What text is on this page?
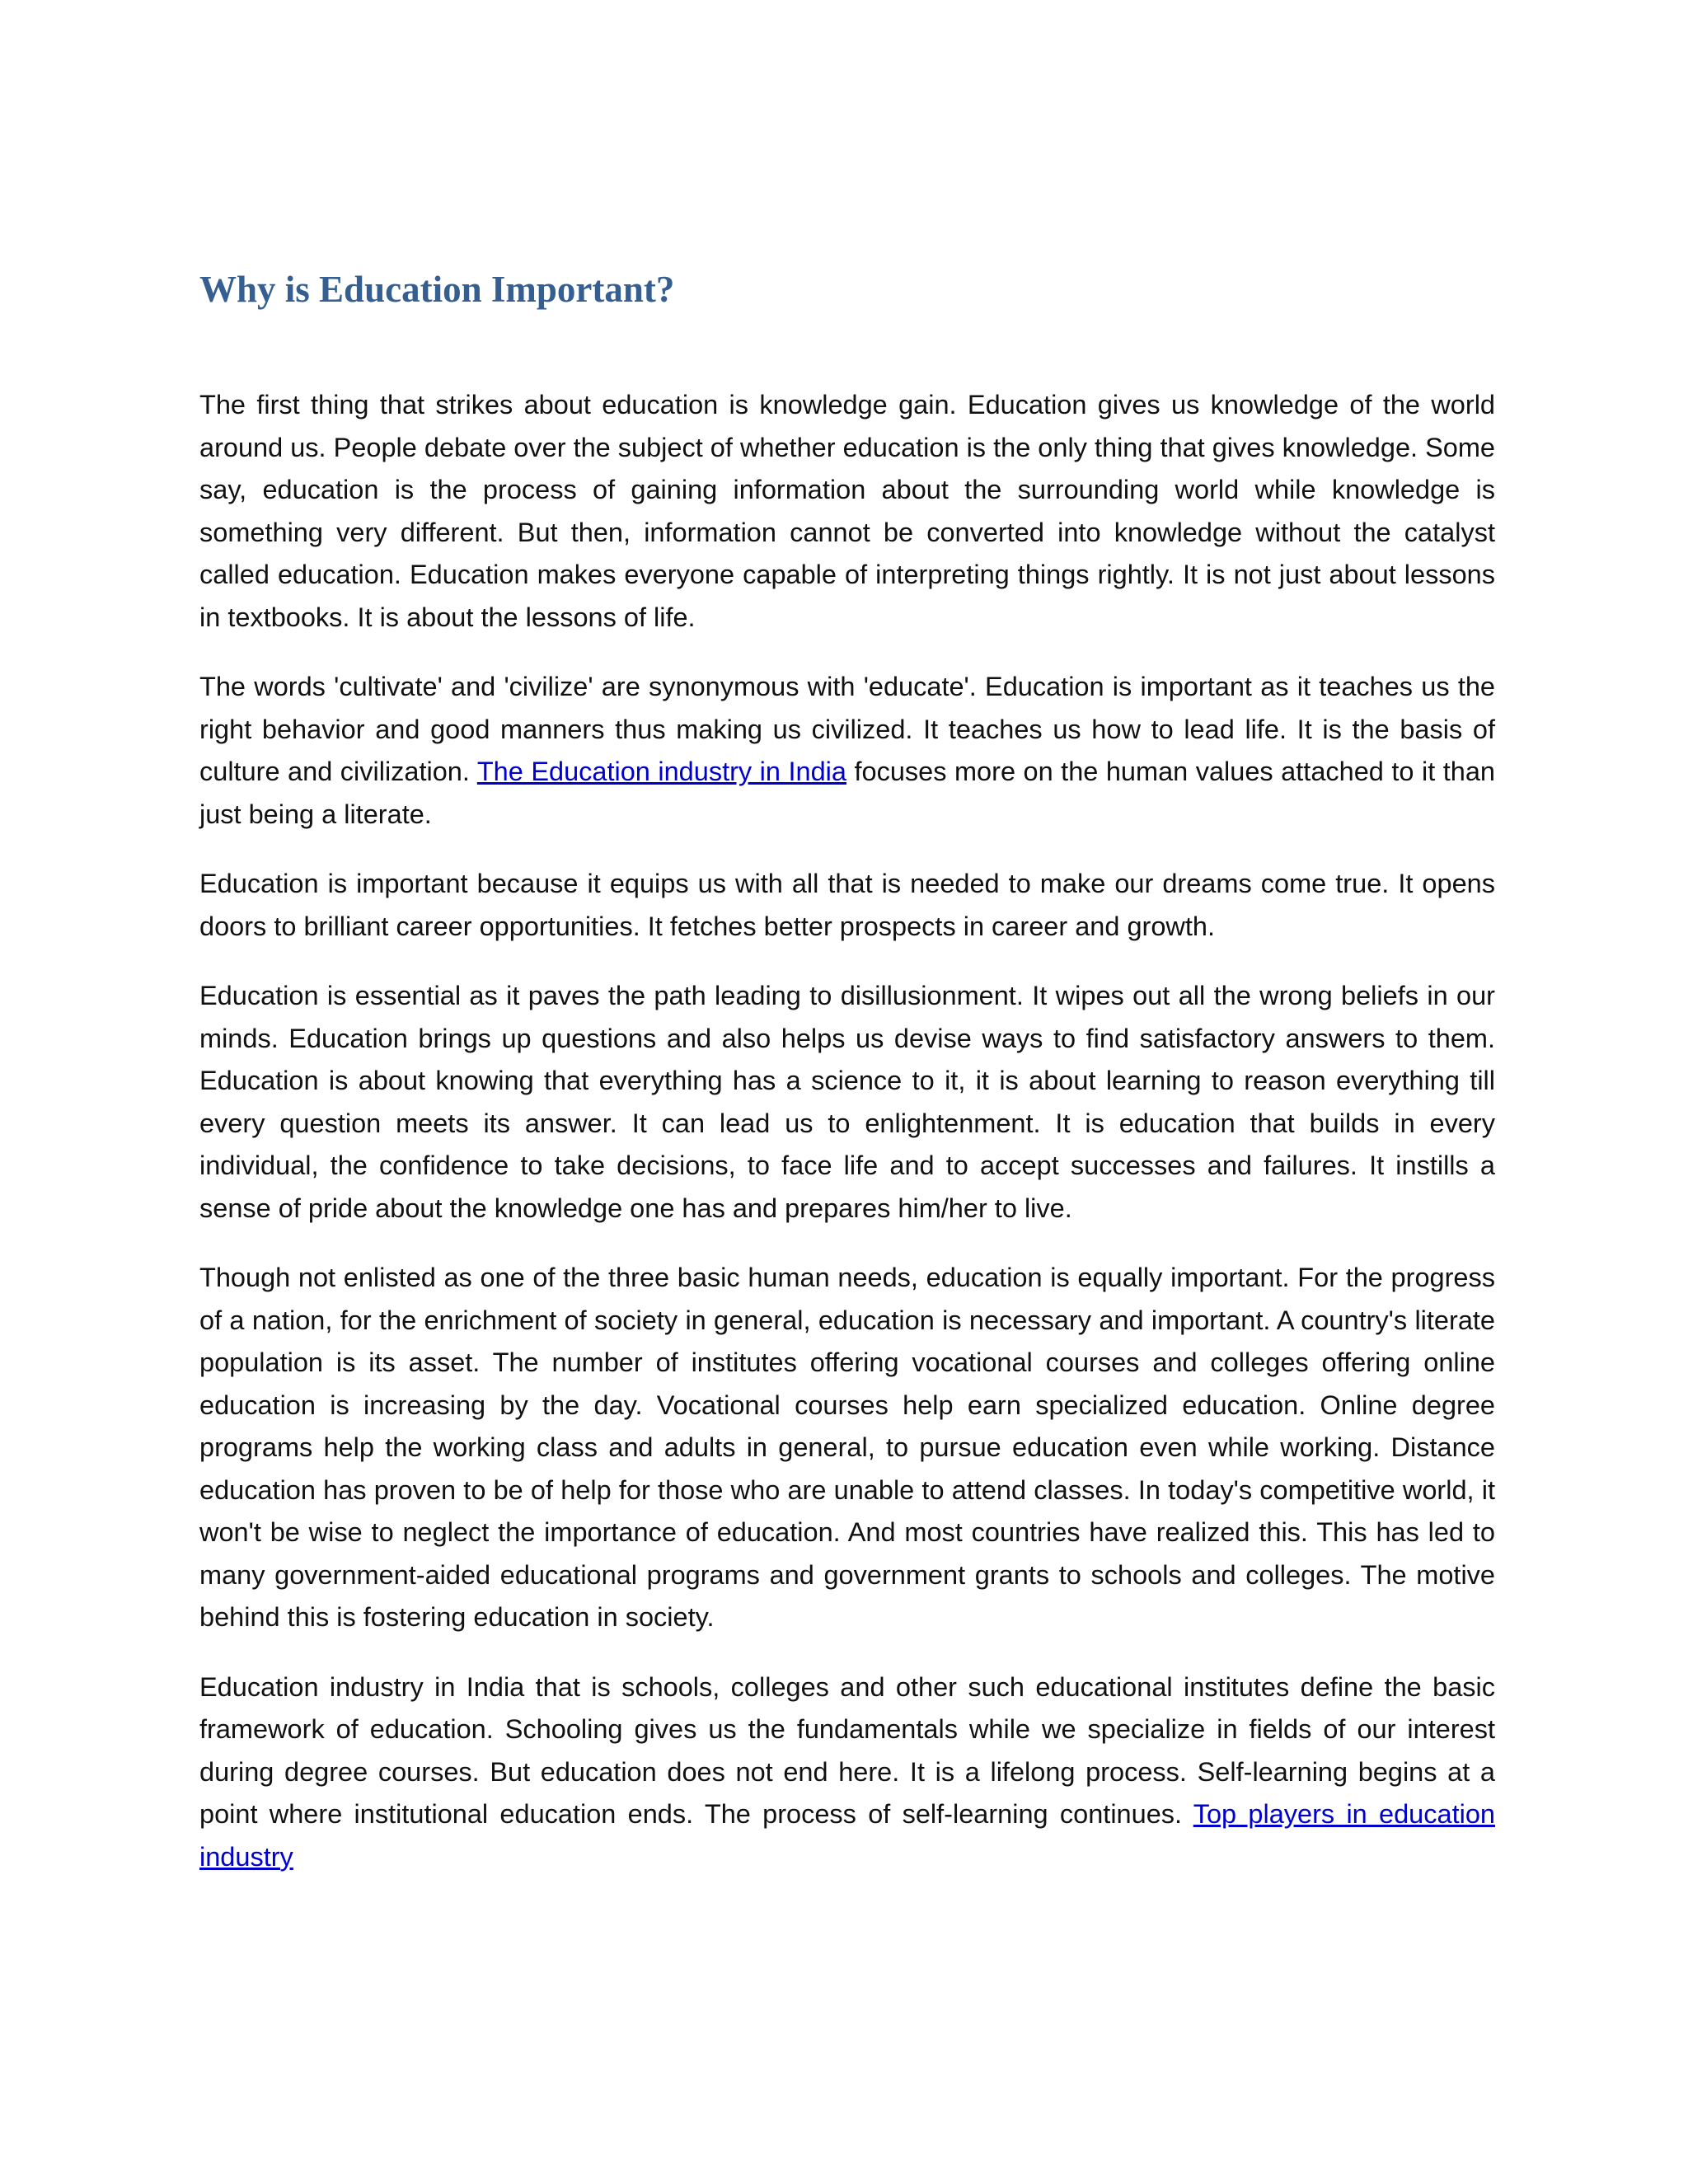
Why is Education Important?

The first thing that strikes about education is knowledge gain. Education gives us knowledge of the world around us. People debate over the subject of whether education is the only thing that gives knowledge. Some say, education is the process of gaining information about the surrounding world while knowledge is something very different. But then, information cannot be converted into knowledge without the catalyst called education. Education makes everyone capable of interpreting things rightly. It is not just about lessons in textbooks. It is about the lessons of life.

The words 'cultivate' and 'civilize' are synonymous with 'educate'. Education is important as it teaches us the right behavior and good manners thus making us civilized. It teaches us how to lead life. It is the basis of culture and civilization. The Education industry in India focuses more on the human values attached to it than just being a literate.

Education is important because it equips us with all that is needed to make our dreams come true. It opens doors to brilliant career opportunities. It fetches better prospects in career and growth.

Education is essential as it paves the path leading to disillusionment. It wipes out all the wrong beliefs in our minds. Education brings up questions and also helps us devise ways to find satisfactory answers to them. Education is about knowing that everything has a science to it, it is about learning to reason everything till every question meets its answer. It can lead us to enlightenment. It is education that builds in every individual, the confidence to take decisions, to face life and to accept successes and failures. It instills a sense of pride about the knowledge one has and prepares him/her to live.

Though not enlisted as one of the three basic human needs, education is equally important. For the progress of a nation, for the enrichment of society in general, education is necessary and important. A country's literate population is its asset. The number of institutes offering vocational courses and colleges offering online education is increasing by the day. Vocational courses help earn specialized education. Online degree programs help the working class and adults in general, to pursue education even while working. Distance education has proven to be of help for those who are unable to attend classes. In today's competitive world, it won't be wise to neglect the importance of education. And most countries have realized this. This has led to many government-aided educational programs and government grants to schools and colleges. The motive behind this is fostering education in society.

Education industry in India that is schools, colleges and other such educational institutes define the basic framework of education. Schooling gives us the fundamentals while we specialize in fields of our interest during degree courses. But education does not end here. It is a lifelong process. Self-learning begins at a point where institutional education ends. The process of self-learning continues. Top players in education industry
